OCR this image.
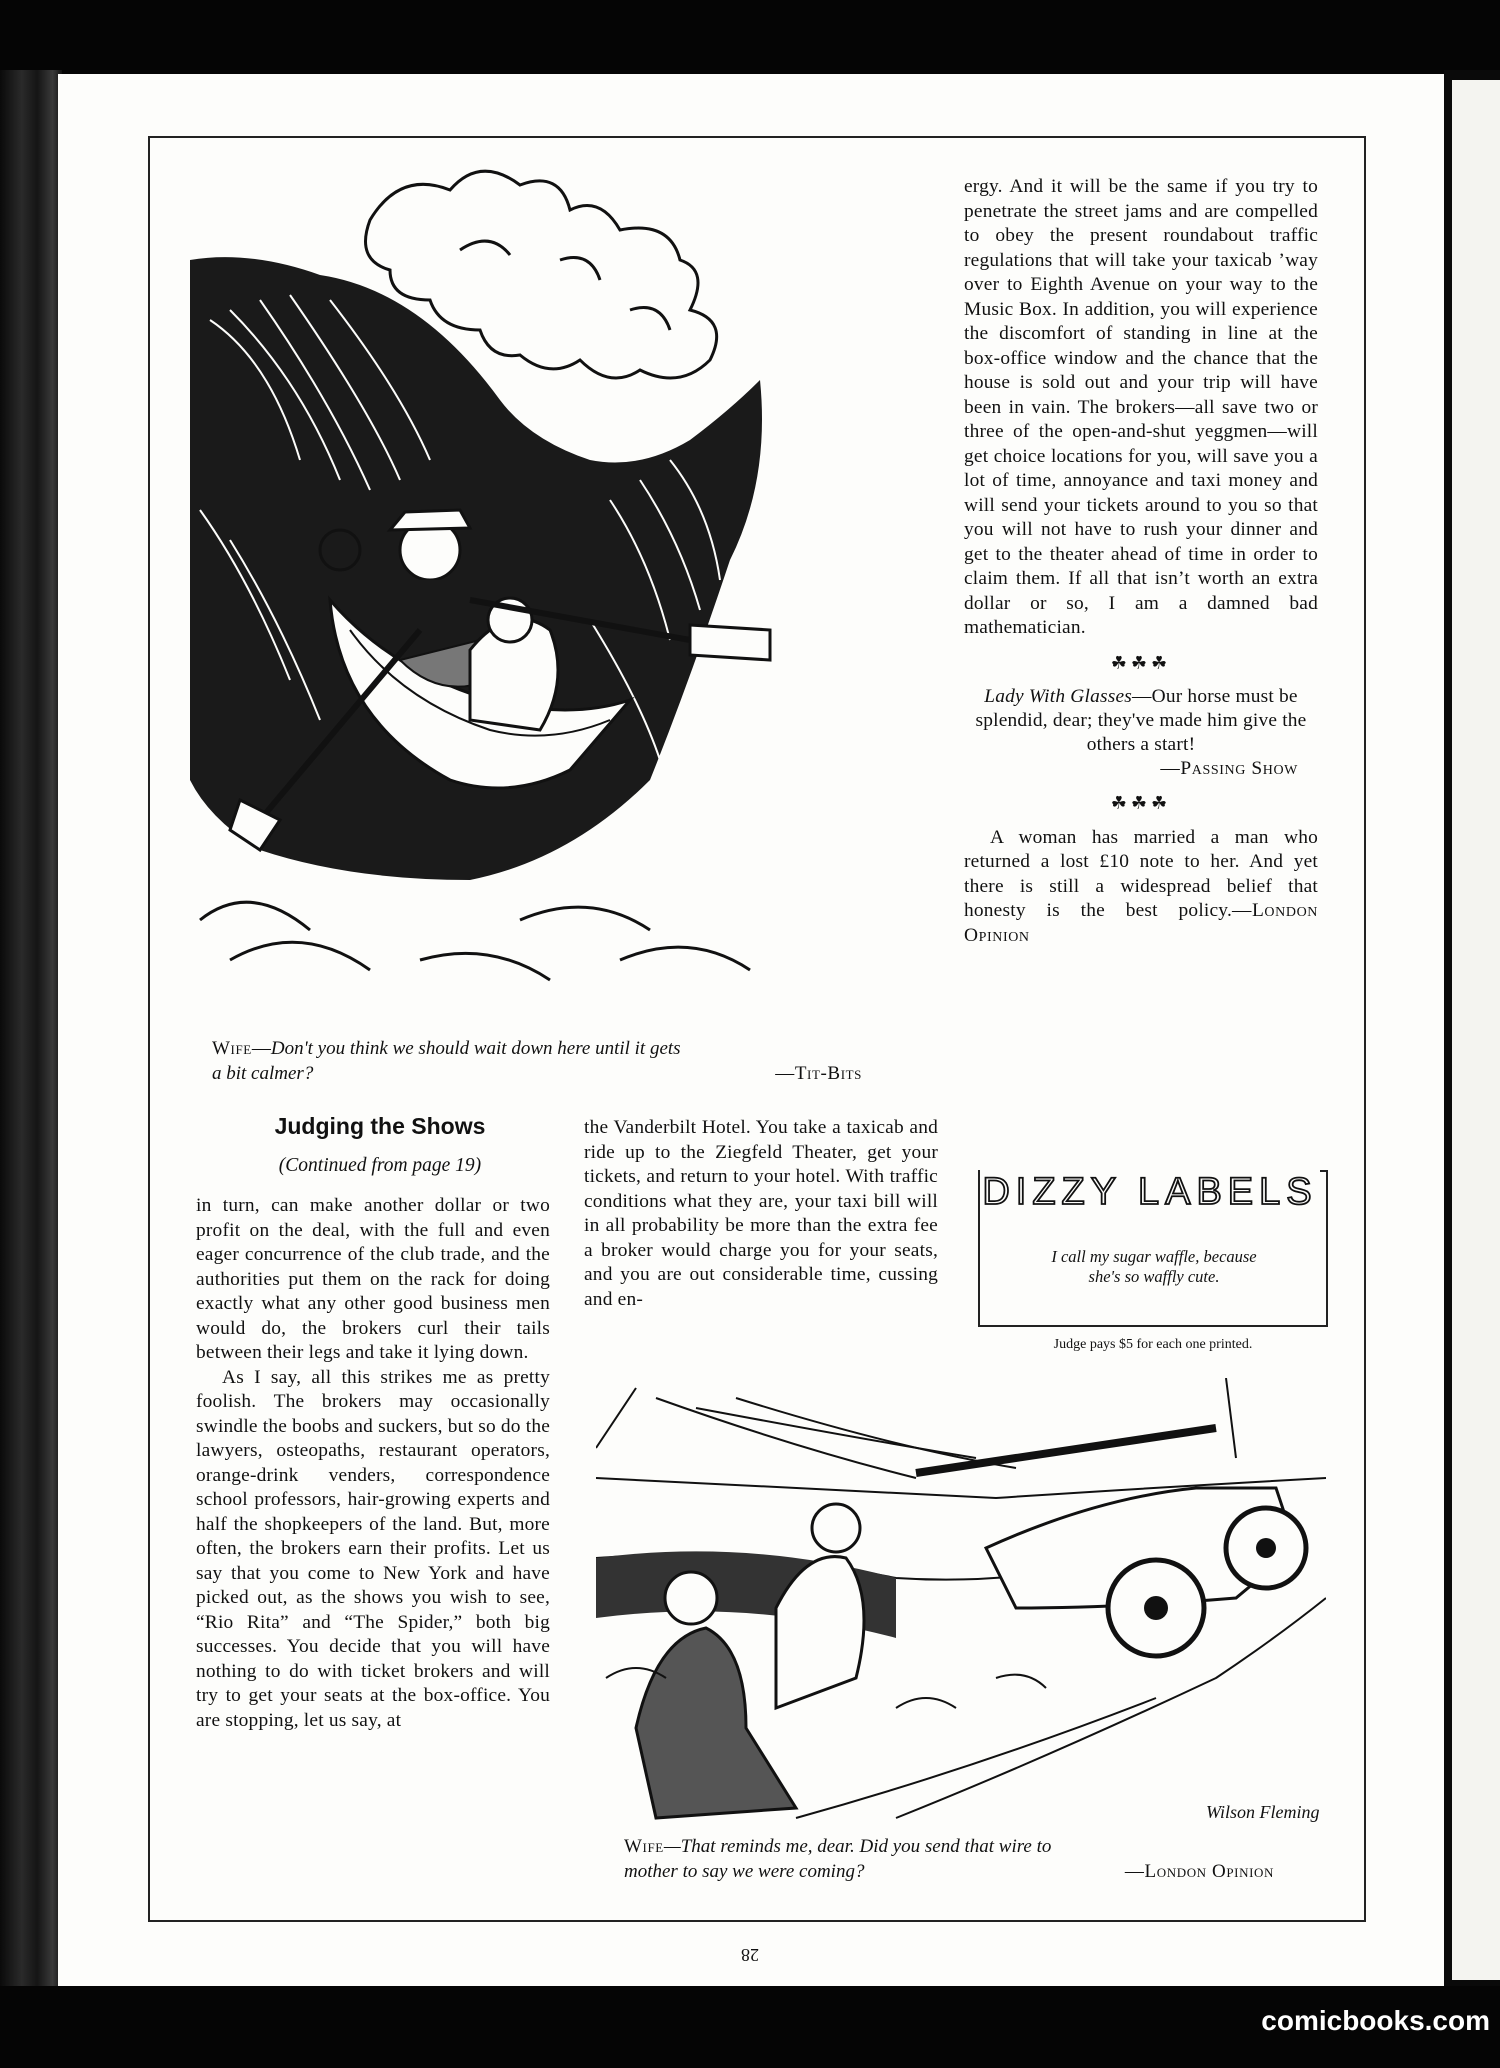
Wife—Don't you think we should wait down here until it gets
a bit calmer?	—Tit-Bits
Judging the Shows
(Continued from page 19)

in turn, can make another dollar or two profit on the deal, with the full and even eager concurrence of the club trade, and the authorities put them on the rack for doing exactly what any other good business men would do, the brokers curl their tails between their legs and take it lying down.

As I say, all this strikes me as pretty foolish. The brokers may occasionally swindle the boobs and suckers, but so do the lawyers, osteopaths, restaurant operators, orange-drink venders, correspondence school professors, hair-growing experts and half the shopkeepers of the land. But, more often, the brokers earn their profits. Let us say that you come to New York and have picked out, as the shows you wish to see, “Rio Rita” and “The Spider,” both big successes. You decide that you will have nothing to do with ticket brokers and will try to get your seats at the box-office. You are stopping, let us say, at

the Vanderbilt Hotel. You take a taxicab and ride up to the Ziegfeld Theater, get your tickets, and return to your hotel. With traffic conditions what they are, your taxi bill will in all probability be more than the extra fee a broker would charge you for your seats, and you are out considerable time, cussing and en-

ergy. And it will be the same if you try to penetrate the street jams and are compelled to obey the present roundabout traffic regulations that will take your taxicab ’way over to Eighth Avenue on your way to the Music Box. In addition, you will experience the discomfort of standing in line at the box-office window and the chance that the house is sold out and your trip will have been in vain. The brokers—all save two or three of the open-and-shut yeggmen—will get choice locations for you, will save you a lot of time, annoyance and taxi money and will send your tickets around to you so that you will not have to rush your dinner and get to the theater ahead of time in order to claim them. If all that isn’t worth an extra dollar or so, I am a damned bad mathematician.

☘☘☘
Lady With Glasses—Our horse must be splendid, dear; they've made him give the others a start!
—Passing Show
☘☘☘

A woman has married a man who returned a lost £10 note to her. And yet there is still a widespread belief that honesty is the best policy.—London Opinion

DIZZY LABELS
I call my sugar waffle, because
she's so waffly cute.
Judge pays $5 for each one printed.
Wilson Fleming
Wife—That reminds me, dear. Did you send that wire to
mother to say we were coming?	—London Opinion
28
comicbooks.com
